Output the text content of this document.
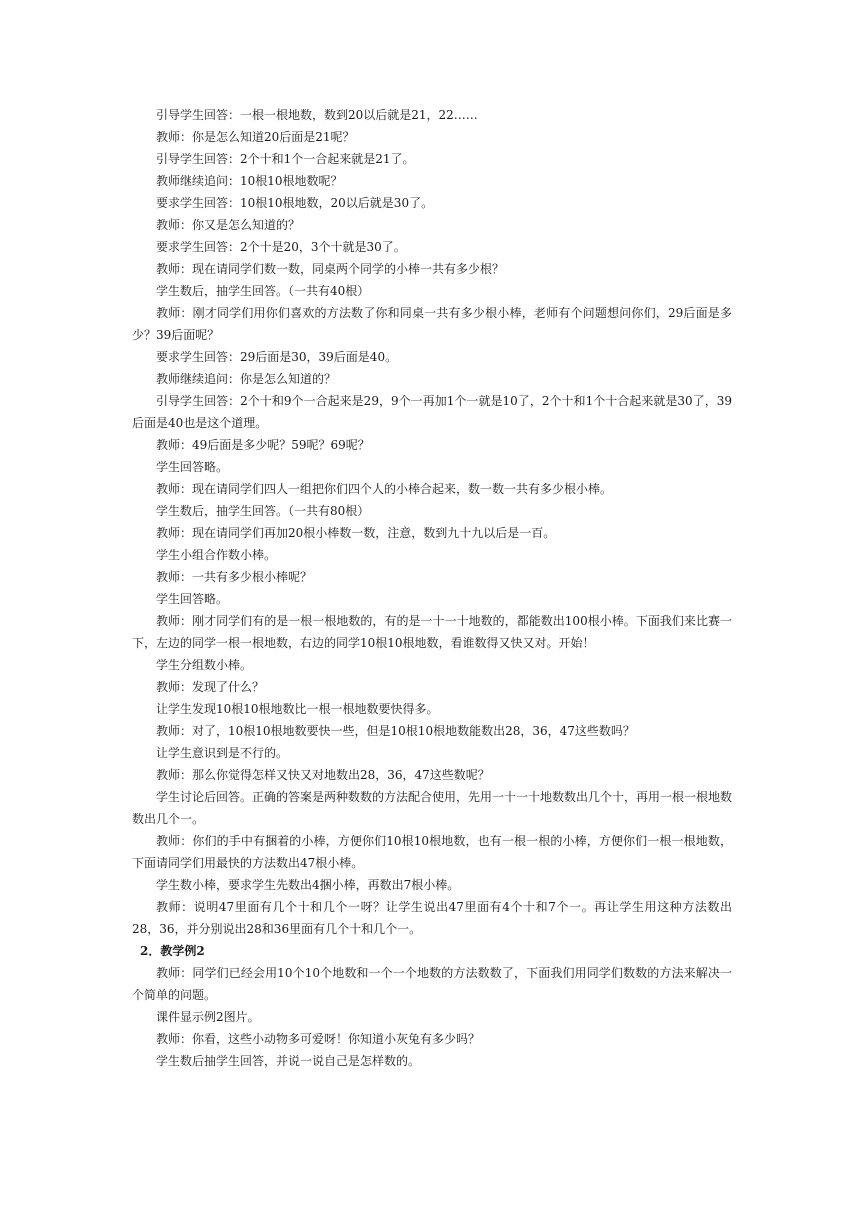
引导学生回答：一根一根地数，数到20以后就是21，22……

教师：你是怎么知道20后面是21呢？

引导学生回答：2个十和1个一合起来就是21了。

教师继续追问：10根10根地数呢？

要求学生回答：10根10根地数，20以后就是30了。

教师：你又是怎么知道的？

要求学生回答：2个十是20，3个十就是30了。

教师：现在请同学们数一数，同桌两个同学的小棒一共有多少根？

学生数后，抽学生回答。（一共有40根）

教师：刚才同学们用你们喜欢的方法数了你和同桌一共有多少根小棒，老师有个问题想问你们，29后面是多少？39后面呢？

要求学生回答：29后面是30，39后面是40。

教师继续追问：你是怎么知道的？

引导学生回答：2个十和9个一合起来是29，9个一再加1个一就是10了，2个十和1个十合起来就是30了，39后面是40也是这个道理。

教师：49后面是多少呢？59呢？69呢？

学生回答略。

教师：现在请同学们四人一组把你们四个人的小棒合起来，数一数一共有多少根小棒。

学生数后，抽学生回答。（一共有80根）

教师：现在请同学们再加20根小棒数一数，注意，数到九十九以后是一百。

学生小组合作数小棒。

教师：一共有多少根小棒呢？

学生回答略。

教师：刚才同学们有的是一根一根地数的，有的是一十一十地数的，都能数出100根小棒。下面我们来比赛一下，左边的同学一根一根地数，右边的同学10根10根地数，看谁数得又快又对。开始！

学生分组数小棒。

教师：发现了什么？

让学生发现10根10根地数比一根一根地数要快得多。

教师：对了，10根10根地数要快一些，但是10根10根地数能数出28，36，47这些数吗？

让学生意识到是不行的。

教师：那么你觉得怎样又快又对地数出28，36，47这些数呢？

学生讨论后回答。正确的答案是两种数数的方法配合使用，先用一十一十地数数出几个十，再用一根一根地数数出几个一。

教师：你们的手中有捆着的小棒，方便你们10根10根地数，也有一根一根的小棒，方便你们一根一根地数，下面请同学们用最快的方法数出47根小棒。

学生数小棒，要求学生先数出4捆小棒，再数出7根小棒。

教师：说明47里面有几个十和几个一呀？让学生说出47里面有4个十和7个一。再让学生用这种方法数出28，36，并分别说出28和36里面有几个十和几个一。

2．教学例2

教师：同学们已经会用10个10个地数和一个一个地数的方法数数了，下面我们用同学们数数的方法来解决一个简单的问题。

课件显示例2图片。

教师：你看，这些小动物多可爱呀！你知道小灰兔有多少吗？

学生数后抽学生回答，并说一说自己是怎样数的。
